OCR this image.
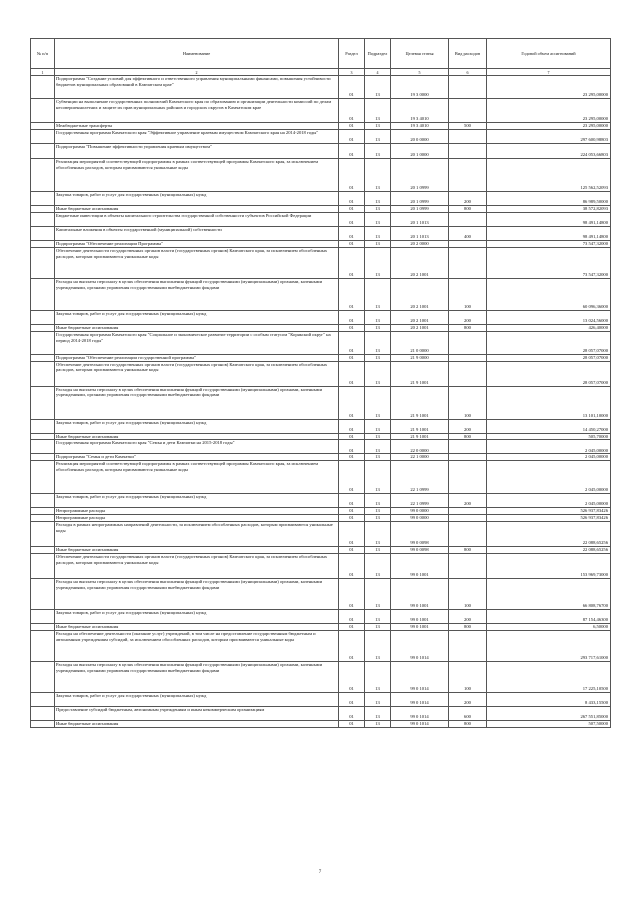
№ п/п	Наименование	Раздел	Подраздел	Целевая статья	Вид расходов	Годовой объем ассигнований
1	2	3	4	5	6	7
	Подпрограмма "Создание условий для эффективного и ответственного управления муниципальными финансами, повышения устойчивости бюджетов муниципальных образований в Камчатском крае"	01	13	19 3 0000		23 295,00000
	Субвенции на выполнение государственных полномочий Камчатского края по образованию и организации деятельности комиссий по делам несовершеннолетних и защите их прав муниципальных районов и городских округов в Камчатском крае	01	13	19 3 4010		23 295,00000
	Межбюджетные трансферты	01	13	19 3 4010	500	23 295,00000
	Государственная программа Камчатского края "Эффективное управление краевым имуществом Камчатского края на 2014-2018 годы"	01	13	20 0 0000		297 600,98803
	Подпрограмма "Повышение эффективности управления краевым имуществом"	01	13	20 1 0000		224 053,66803
	Реализация мероприятий соответствующей подпрограммы в рамках соответствующей программы Камчатского края, за исключением обособленных расходов, которым присваиваются уникальные коды	01	13	20 1 0999		125 562,52093
	Закупка товаров, работ и услуг для государственных (муниципальных) нужд	01	13	20 1 0999	200	86 989,50000
	Иные бюджетные ассигнования	01	13	20 1 0999	800	38 572,82093
	Бюджетные инвестиции в объекты капитального строительства государственной собственности субъектов Российской Федерации	01	13	20 1 1013		98 491,14800
	Капитальные вложения в объекты государственной (муниципальной) собственности	01	13	20 1 1013	400	98 491,14800
	Подпрограмма "Обеспечение реализации Программы"	01	13	20 2 0000		73 547,32000
	Обеспечение деятельности государственных органов власти (государственных органов) Камчатского края, за исключением обособленных расходов, которым присваиваются уникальные коды	01	13	20 2 1001		73 547,32000
	Расходы на выплаты персоналу в целях обеспечения выполнения функций государственными (муниципальными) органами, казенными учреждениями, органами управления государственными внебюджетными фондами	01	13	20 2 1001	100	60 096,36000
	Закупка товаров, работ и услуг для государственных (муниципальных) нужд	01	13	20 2 1001	200	13 024,56000
	Иные бюджетные ассигнования	01	13	20 2 1001	800	426,40000
	Государственная программа Камчатского края "Социальное и экономическое развитие территории с особым статусом "Корякский округ" на период 2014-2018 годы"	01	13	21 0 0000		28 057,07000
	Подпрограмма "Обеспечение реализации государственной программы"	01	13	21 9 0000		28 057,07000
	Обеспечение деятельности государственных органов власти (государственных органов) Камчатского края, за исключением обособленных расходов, которым присваиваются уникальные коды	01	13	21 9 1001		28 057,07000
	Расходы на выплаты персоналу в целях обеспечения выполнения функций государственными (муниципальными) органами, казенными учреждениями, органами управления государственными внебюджетными фондами	01	13	21 9 1001	100	13 101,10000
	Закупка товаров, работ и услуг для государственных (муниципальных) нужд	01	13	21 9 1001	200	14 450,27000
	Иные бюджетные ассигнования	01	13	21 9 1001	800	505,70000
	Государственная программа Камчатского края "Семья и дети Камчатки на 2015-2018 годы"	01	13	22 0 0000		2 045,00000
	Подпрограмма "Семья и дети Камчатки"	01	13	22 1 0000		2 045,00000
	Реализация мероприятий соответствующей подпрограммы в рамках соответствующей программы Камчатского края, за исключением обособленных расходов, которым присваиваются уникальные коды	01	13	22 1 0999		2 045,00000
	Закупка товаров, работ и услуг для государственных (муниципальных) нужд	01	13	22 1 0999	200	2 045,00000
	Непрограммные расходы	01	13	99 0 0000		526 937,83426
	Непрограммные расходы	01	13	99 0 0000		526 937,83426
	Расходы в рамках непрограммных направлений деятельности, за исключением обособленных расходов, которым присваиваются уникальные коды	01	13	99 0 0098		22 088,65256
	Иные бюджетные ассигнования	01	13	99 0 0098	800	22 088,65256
	Обеспечение деятельности государственных органов власти (государственных органов) Камчатского края, за исключением обособленных расходов, которым присваиваются уникальные коды	01	13	99 0 1001		153 969,73000
	Расходы на выплаты персоналу в целях обеспечения выполнения функций государственными (муниципальными) органами, казенными учреждениями, органами управления государственными внебюджетными фондами	01	13	99 0 1001	100	66 808,76700
	Закупка товаров, работ и услуг для государственных (муниципальных) нужд	01	13	99 0 1001	200	87 154,46300
	Иные бюджетные ассигнования	01	13	99 0 1001	800	6,50000
	Расходы на обеспечение деятельности (оказание услуг) учреждений, в том числе на предоставление государственным бюджетным и автономным учреждениям субсидий, за исключением обособленных расходов, которым присваиваются уникальные коды	01	13	99 0 1014		293 717,61000
	Расходы на выплаты персоналу в целях обеспечения выполнения функций государственными (муниципальными) органами, казенными учреждениями, органами управления государственными внебюджетными фондами	01	13	99 0 1014	100	17 225,10500
	Закупка товаров, работ и услуг для государственных (муниципальных) нужд	01	13	99 0 1014	200	8 433,15500
	Предоставление субсидий бюджетным, автономным учреждениям и иным некоммерческим организациям	01	13	99 0 1014	600	267 551,85000
	Иные бюджетные ассигнования	01	13	99 0 1014	800	507,50000
7
